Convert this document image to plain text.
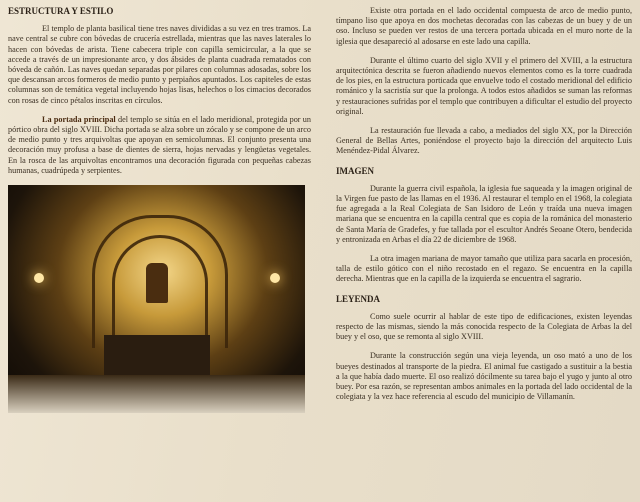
ESTRUCTURA Y ESTILO

El templo de planta basilical tiene tres naves divididas a su vez en tres tramos. La nave central se cubre con bóvedas de crucería estrellada, mientras que las naves laterales lo hacen con bóvedas de arista. Tiene cabecera triple con capilla semicircular, a la que se accede a través de un impresionante arco, y dos ábsides de planta cuadrada rematados con bóveda de cañón. Las naves quedan separadas por pilares con columnas adosadas, sobre los que descansan arcos formeros de medio punto y perpiaños apuntados. Los capiteles de estas columnas son de temática vegetal incluyendo hojas lisas, helechos o los cimacios decorados con rosas de cinco pétalos inscritas en círculos.

La portada principal del templo se sitúa en el lado meridional, protegida por un pórtico obra del siglo XVIII. Dicha portada se alza sobre un zócalo y se compone de un arco de medio punto y tres arquivoltas que apoyan en semicolumnas. El conjunto presenta una decoración muy profusa a base de dientes de sierra, hojas nervadas y lengüetas vegetales. En la rosca de las arquivoltas encontramos una decoración figurada con pequeñas cabezas humanas, cuadrúpeda y serpientes.

Existe otra portada en el lado occidental compuesta de arco de medio punto, tímpano liso que apoya en dos mochetas decoradas con las cabezas de un buey y de un oso. Incluso se pueden ver restos de una tercera portada ubicada en el muro norte de la iglesia que desapareció al adosarse en este lado una capilla.

Durante el último cuarto del siglo XVII y el primero del XVIII, a la estructura arquitectónica descrita se fueron añadiendo nuevos elementos como es la torre cuadrada de los pies, en la estructura porticada que envuelve todo el costado meridional del edificio románico y la sacristía sur que la prolonga. A todos estos añadidos se suman las reformas y restauraciones sufridas por el templo que contribuyen a dificultar el estudio del proyecto original.

La restauración fue llevada a cabo, a mediados del siglo XX, por la Dirección General de Bellas Artes, poniéndose el proyecto bajo la dirección del arquitecto Luis Menéndez-Pidal Álvarez.

IMAGEN

Durante la guerra civil española, la iglesia fue saqueada y la imagen original de la Virgen fue pasto de las llamas en el 1936. Al restaurar el templo en el 1968, la colegiata fue agregada a la Real Colegiata de San Isidoro de León y traída una nueva imagen mariana que se encuentra en la capilla central que es copia de la románica del monasterio de Santa María de Gradefes, y fue tallada por el escultor Andrés Seoane Otero, bendecida y entronizada en Arbas el día 22 de diciembre de 1968.

La otra imagen mariana de mayor tamaño que utiliza para sacarla en procesión, talla de estilo gótico con el niño recostado en el regazo. Se encuentra en la capilla derecha. Mientras que en la capilla de la izquierda se encuentra el sagrario.

LEYENDA

Como suele ocurrir al hablar de este tipo de edificaciones, existen leyendas respecto de las mismas, siendo la más conocida respecto de la Colegiata de Arbas la del buey y el oso, que se remonta al siglo XVIII.

Durante la construcción según una vieja leyenda, un oso mató a uno de los bueyes destinados al transporte de la piedra. El animal fue castigado a sustituir a la bestia a la que había dado muerte. El oso realizó dócilmente su tarea bajo el yugo y junto al otro buey. Por esa razón, se representan ambos animales en la portada del lado occidental de la colegiata y la vez hace referencia al escudo del municipio de Villamanín.
